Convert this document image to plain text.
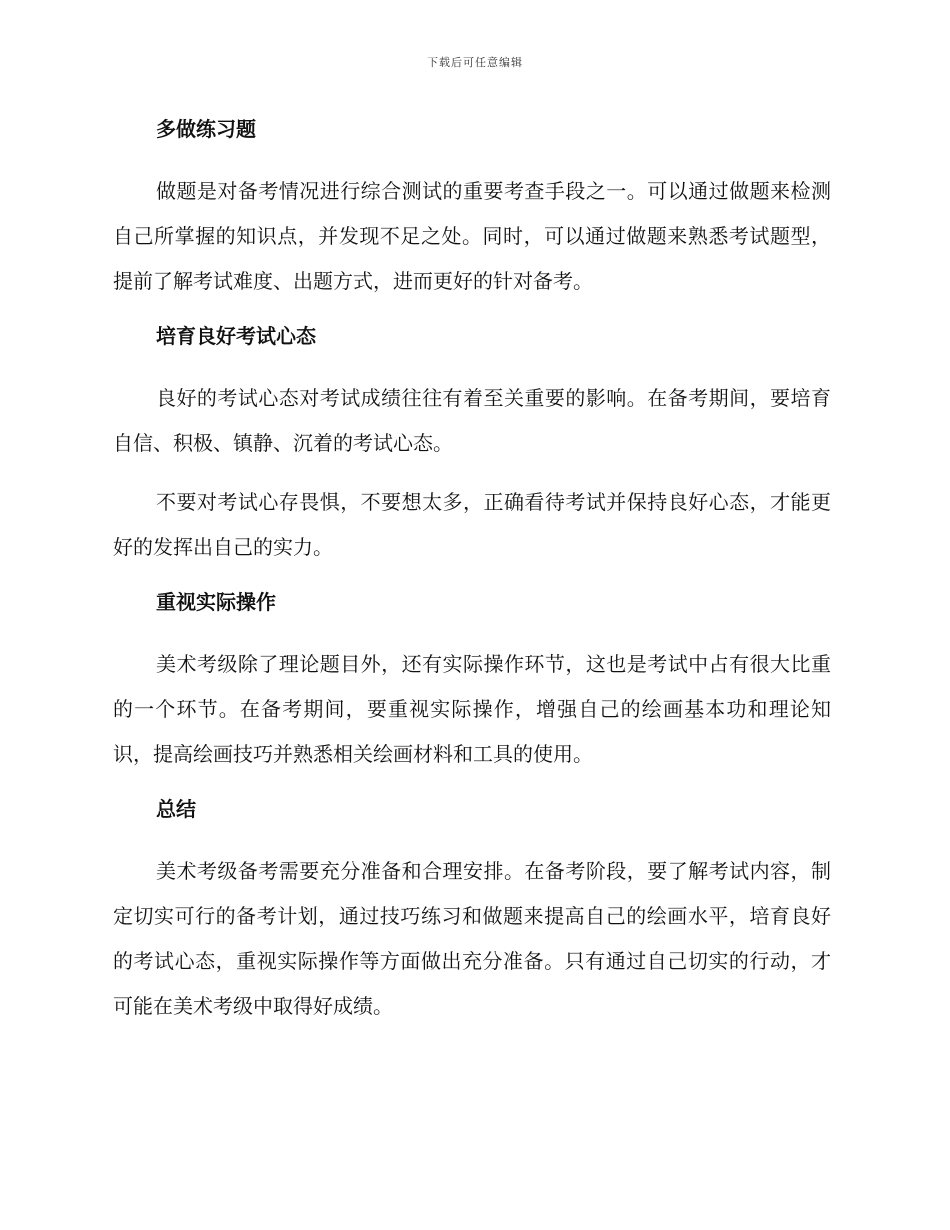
下载后可任意编辑
多做练习题

做题是对备考情况进行综合测试的重要考查手段之一。可以通过做题来检测自己所掌握的知识点，并发现不足之处。同时，可以通过做题来熟悉考试题型，提前了解考试难度、出题方式，进而更好的针对备考。

培育良好考试心态

良好的考试心态对考试成绩往往有着至关重要的影响。在备考期间，要培育自信、积极、镇静、沉着的考试心态。

不要对考试心存畏惧，不要想太多，正确看待考试并保持良好心态，才能更好的发挥出自己的实力。

重视实际操作

美术考级除了理论题目外，还有实际操作环节，这也是考试中占有很大比重的一个环节。在备考期间，要重视实际操作，增强自己的绘画基本功和理论知识，提高绘画技巧并熟悉相关绘画材料和工具的使用。

总结

美术考级备考需要充分准备和合理安排。在备考阶段，要了解考试内容，制定切实可行的备考计划，通过技巧练习和做题来提高自己的绘画水平，培育良好的考试心态，重视实际操作等方面做出充分准备。只有通过自己切实的行动，才可能在美术考级中取得好成绩。
